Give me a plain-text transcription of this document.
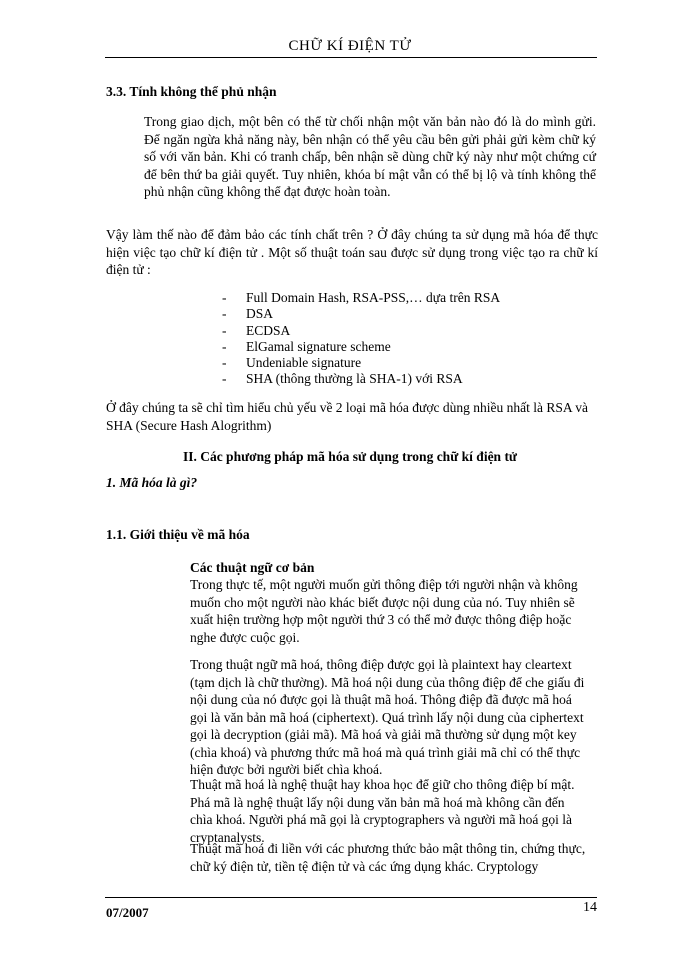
CHỮ KÍ ĐIỆN TỬ
3.3. Tính không thể phủ nhận

Trong giao dịch, một bên có thể từ chối nhận một văn bản nào đó là do mình gửi. Để ngăn ngừa khả năng này, bên nhận có thể yêu cầu bên gửi phải gửi kèm chữ ký số với văn bản. Khi có tranh chấp, bên nhận sẽ dùng chữ ký này như một chứng cứ để bên thứ ba giải quyết. Tuy nhiên, khóa bí mật vẫn có thể bị lộ và tính không thể phủ nhận cũng không thể đạt được hoàn toàn.

Vậy làm thế nào để đảm bảo các tính chất trên ? Ở đây chúng ta sử dụng mã hóa để thực hiện việc tạo chữ kí điện tử . Một số thuật toán sau được sử dụng trong việc tạo ra chữ kí điện tử :

- Full Domain Hash, RSA-PSS,… dựa trên RSA
- DSA
- ECDSA
- ElGamal signature scheme
- Undeniable signature
- SHA (thông thường là SHA-1) với RSA

Ở đây chúng ta sẽ chỉ tìm hiểu chủ yếu về 2 loại mã hóa được dùng nhiều nhất là RSA và SHA (Secure Hash Alogrithm)

II. Các phương pháp mã hóa sử dụng trong chữ kí điện tử
1. Mã hóa là gì?
1.1. Giới thiệu về mã hóa
Các thuật ngữ cơ bản

Trong thực tế, một người muốn gửi thông điệp tới người nhận và không muốn cho một người nào khác biết được nội dung của nó. Tuy nhiên sẽ xuất hiện trường hợp một người thứ 3 có thể mở được thông điệp hoặc nghe được cuộc gọi.

Trong thuật ngữ mã hoá, thông điệp được gọi là plaintext hay cleartext (tạm dịch là chữ thường). Mã hoá nội dung của thông điệp để che giấu đi nội dung của nó được gọi là thuật mã hoá. Thông điệp đã được mã hoá gọi là văn bản mã hoá (ciphertext). Quá trình lấy nội dung của ciphertext gọi là decryption (giải mã). Mã hoá và giải mã thường sử dụng một key (chìa khoá) và phương thức mã hoá mà quá trình giải mã chỉ có thể thực hiện được bởi người biết chìa khoá.

Thuật mã hoá là nghệ thuật hay khoa học để giữ cho thông điệp bí mật. Phá mã là nghệ thuật lấy nội dung văn bản mã hoá mà không cần đến chìa khoá. Người phá mã gọi là cryptographers và người mã hoá gọi là cryptanalysts.

Thuật mã hoá đi liền với các phương thức bảo mật thông tin, chứng thực, chữ ký điện tử, tiền tệ điện tử và các ứng dụng khác. Cryptology

07/2007	14
